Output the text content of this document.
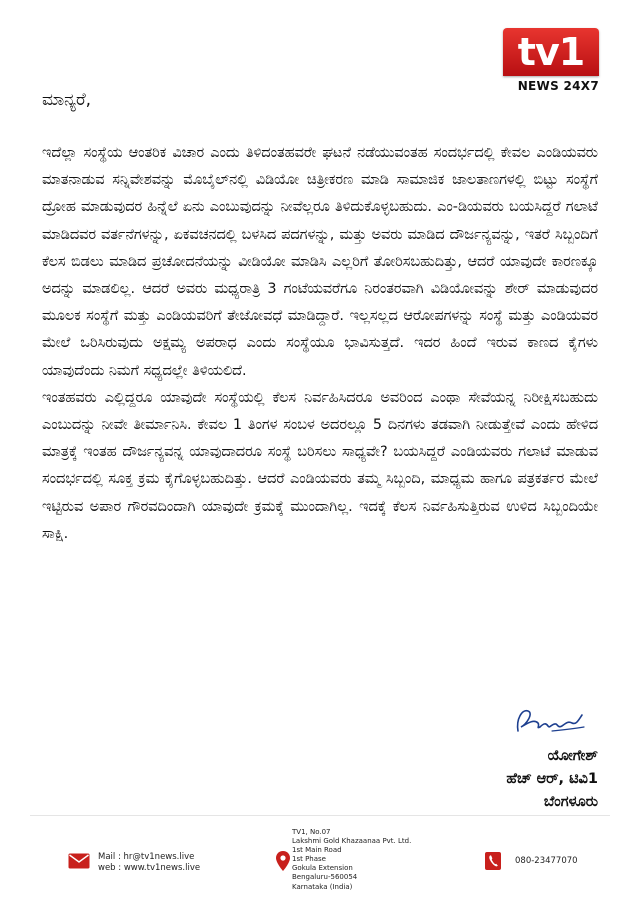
tv1
NEWS 24X7
ಮಾನ್ಯರೆ,

ಇದೆಲ್ಲಾ ಸಂಸ್ಥೆಯ ಆಂತರಿಕ ವಿಚಾರ ಎಂದು ತಿಳಿದಂತಹವರೇ ಘಟನೆ ನಡೆಯುವಂತಹ ಸಂದರ್ಭದಲ್ಲಿ ಕೇವಲ ಎಂಡಿಯವರು ಮಾತನಾಡುವ ಸನ್ನಿವೇಶವನ್ನು ಮೊಬೈಲ್‌ನಲ್ಲಿ ವಿಡಿಯೋ ಚಿತ್ರೀಕರಣ ಮಾಡಿ ಸಾಮಾಜಿಕ ಜಾಲತಾಣಗಳಲ್ಲಿ ಬಿಟ್ಟು ಸಂಸ್ಥೆಗೆ ದ್ರೋಹ ಮಾಡುವುದರ ಹಿನ್ನೆಲೆ ಏನು ಎಂಬುವುದನ್ನು ನೀವೆಲ್ಲರೂ ತಿಳಿದುಕೊಳ್ಳಬಹುದು. ಎಂ-ಡಿಯವರು ಬಯಸಿದ್ದರೆ ಗಲಾಟೆ ಮಾಡಿದವರ ವರ್ತನೆಗಳನ್ನು, ಏಕವಚನದಲ್ಲಿ ಬಳಸಿದ ಪದಗಳನ್ನು, ಮತ್ತು ಅವರು ಮಾಡಿದ ದೌರ್ಜನ್ಯವನ್ನು, ಇತರೆ ಸಿಬ್ಬಂದಿಗೆ ಕೆಲಸ ಬಿಡಲು ಮಾಡಿದ ಪ್ರಚೋದನೆಯನ್ನು ವೀಡಿಯೋ ಮಾಡಿಸಿ ಎಲ್ಲರಿಗೆ ತೋರಿಸಬಹುದಿತ್ತು, ಆದರೆ ಯಾವುದೇ ಕಾರಣಕ್ಕೂ ಅದನ್ನು ಮಾಡಲಿಲ್ಲ. ಆದರೆ ಅವರು ಮಧ್ಯರಾತ್ರಿ 3 ಗಂಟೆಯವರೆಗೂ ನಿರಂತರವಾಗಿ ವಿಡಿಯೋವನ್ನು ಶೇರ್ ಮಾಡುವುದರ ಮೂಲಕ ಸಂಸ್ಥೆಗೆ ಮತ್ತು ಎಂಡಿಯವರಿಗೆ ತೇಜೋವಧೆ ಮಾಡಿದ್ದಾರೆ. ಇಲ್ಲಸಲ್ಲದ ಆರೋಪಗಳನ್ನು ಸಂಸ್ಥೆ ಮತ್ತು ಎಂಡಿಯವರ ಮೇಲೆ ಒರಿಸಿರುವುದು ಅಕ್ಷಮ್ಯ ಅಪರಾಧ ಎಂದು ಸಂಸ್ಥೆಯೂ ಭಾವಿಸುತ್ತದೆ. ಇದರ ಹಿಂದೆ ಇರುವ ಕಾಣದ ಕೈಗಳು ಯಾವುದೆಂದು ನಿಮಗೆ ಸಧ್ಯದಲ್ಲೇ ತಿಳಿಯಲಿದೆ.

ಇಂತಹವರು ಎಲ್ಲಿದ್ದರೂ ಯಾವುದೇ ಸಂಸ್ಥೆಯಲ್ಲಿ ಕೆಲಸ ನಿರ್ವಹಿಸಿದರೂ ಅವರಿಂದ ಎಂಥಾ ಸೇವೆಯನ್ನ ನಿರೀಕ್ಷಿಸಬಹುದು ಎಂಬುದನ್ನು ನೀವೇ ತೀರ್ಮಾನಿಸಿ. ಕೇವಲ 1 ತಿಂಗಳ ಸಂಬಳ ಅದರಲ್ಲೂ 5 ದಿನಗಳು ತಡವಾಗಿ ನೀಡುತ್ತೇವೆ ಎಂದು ಹೇಳಿದ ಮಾತ್ರಕ್ಕೆ ಇಂತಹ ದೌರ್ಜನ್ಯವನ್ನ ಯಾವುದಾದರೂ ಸಂಸ್ಥೆ ಬರಿಸಲು ಸಾಧ್ಯವೇ? ಬಯಸಿದ್ದರೆ ಎಂಡಿಯವರು ಗಲಾಟೆ ಮಾಡುವ ಸಂದರ್ಭದಲ್ಲಿ ಸೂಕ್ತ ಕ್ರಮ ಕೈಗೊಳ್ಳಬಹುದಿತ್ತು. ಆದರೆ ಎಂಡಿಯವರು ತಮ್ಮ ಸಿಬ್ಬಂದಿ, ಮಾಧ್ಯಮ ಹಾಗೂ ಪತ್ರಕರ್ತರ ಮೇಲೆ ಇಟ್ಟಿರುವ ಅಪಾರ ಗೌರವದಿಂದಾಗಿ ಯಾವುದೇ ಕ್ರಮಕ್ಕೆ ಮುಂದಾಗಿಲ್ಲ. ಇದಕ್ಕೆ ಕೆಲಸ ನಿರ್ವಹಿಸುತ್ತಿರುವ ಉಳಿದ ಸಿಬ್ಬಂದಿಯೇ ಸಾಕ್ಷಿ.

ಯೋಗೇಶ್
ಹೆಚ್ ಆರ್, ಟಿವಿ1
ಬೆಂಗಳೂರು
Mail : hr@tv1news.live
web : www.tv1news.live
TV1, No.07
Lakshmi Gold Khazaanaa Pvt. Ltd.
1st Main Road
1st Phase
Gokula Extension
Bengaluru-560054
Karnataka (India)
080-23477070
